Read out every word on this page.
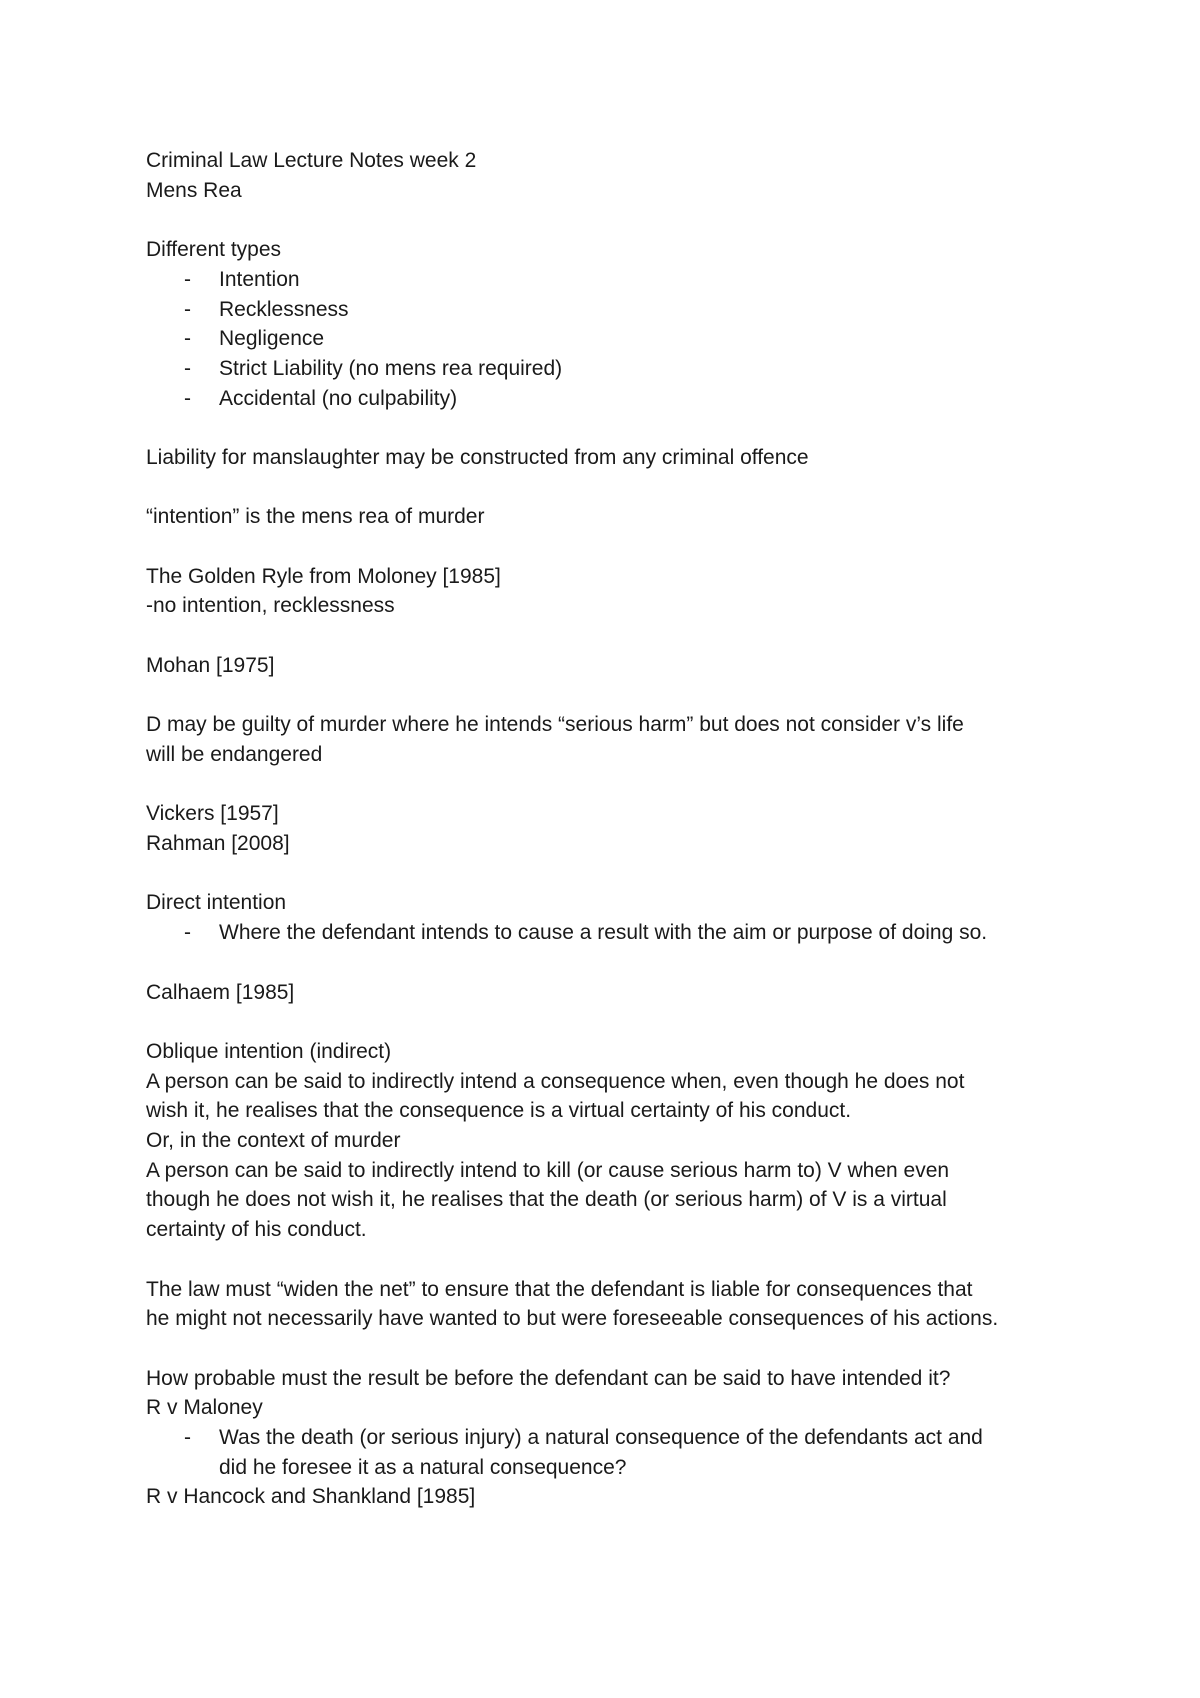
Criminal Law Lecture Notes week 2
Mens Rea
Different types
-	Intention
-	Recklessness
-	Negligence
-	Strict Liability (no mens rea required)
-	Accidental (no culpability)
Liability for manslaughter may be constructed from any criminal offence
“intention” is the mens rea of murder
The Golden Ryle from Moloney [1985]
-no intention, recklessness
Mohan [1975]
D may be guilty of murder where he intends “serious harm” but does not consider v’s life
will be endangered
Vickers [1957]
Rahman [2008]
Direct intention
-	Where the defendant intends to cause a result with the aim or purpose of doing so.
Calhaem [1985]
Oblique intention (indirect)
A person can be said to indirectly intend a consequence when, even though he does not
wish it, he realises that the consequence is a virtual certainty of his conduct.
Or, in the context of murder
A person can be said to indirectly intend to kill (or cause serious harm to) V when even
though he does not wish it, he realises that the death (or serious harm) of V is a virtual
certainty of his conduct.
The law must “widen the net” to ensure that the defendant is liable for consequences that
he might not necessarily have wanted to but were foreseeable consequences of his actions.
How probable must the result be before the defendant can be said to have intended it?
R v Maloney
-	Was the death (or serious injury) a natural consequence of the defendants act and
did he foresee it as a natural consequence?
R v Hancock and Shankland [1985]
